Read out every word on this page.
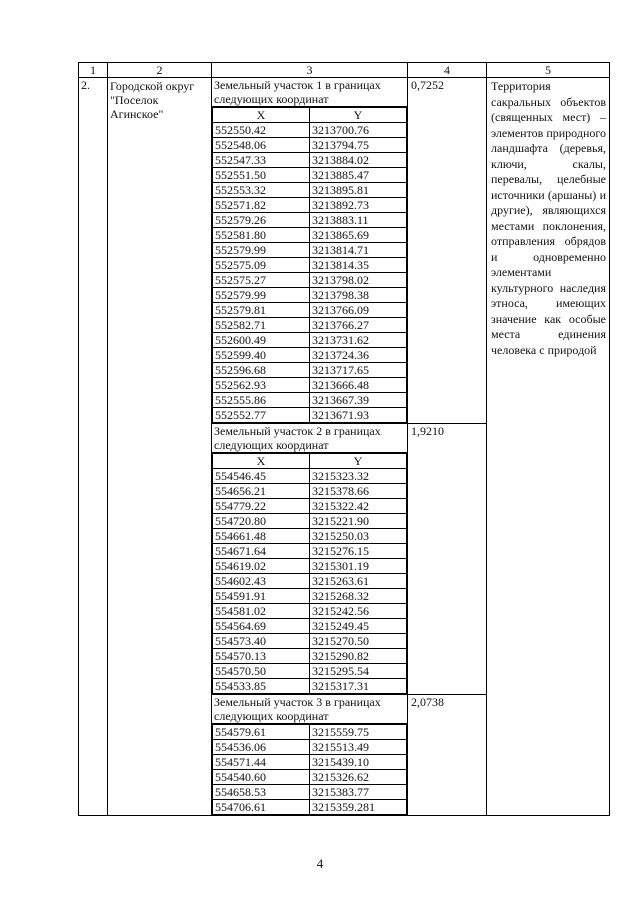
1	2	3	4	5
2.	Городской округ "Поселок Агинское"	Земельный участок 1 в границах следующих координат	0,7252	Территория сакральных объектов (священных мест) – элементов природного ландшафта (деревья, ключи, скалы, перевалы, целебные источники (аршаны) и другие), являющихся местами поклонения, отправления обрядов и одновременно элементами культурного наследия этноса, имеющих значение как особые места единения человека с природой

X	Y
552550.42	3213700.76
552548.06	3213794.75
552547.33	3213884.02
552551.50	3213885.47
552553.32	3213895.81
552571.82	3213892.73
552579.26	3213883.11
552581.80	3213865.69
552579.99	3213814.71
552575.09	3213814.35
552575.27	3213798.02
552579.99	3213798.38
552579.81	3213766.09
552582.71	3213766.27
552600.49	3213731.62
552599.40	3213724.36
552596.68	3213717.65
552562.93	3213666.48
552555.86	3213667.39
552552.77	3213671.93

Земельный участок 2 в границах следующих координат	1,9210

X	Y
554546.45	3215323.32
554656.21	3215378.66
554779.22	3215322.42
554720.80	3215221.90
554661.48	3215250.03
554671.64	3215276.15
554619.02	3215301.19
554602.43	3215263.61
554591.91	3215268.32
554581.02	3215242.56
554564.69	3215249.45
554573.40	3215270.50
554570.13	3215290.82
554570.50	3215295.54
554533.85	3215317.31

Земельный участок 3 в границах следующих координат	2,0738

554579.61	3215559.75
554536.06	3215513.49
554571.44	3215439.10
554540.60	3215326.62
554658.53	3215383.77
554706.61	3215359.281
4
